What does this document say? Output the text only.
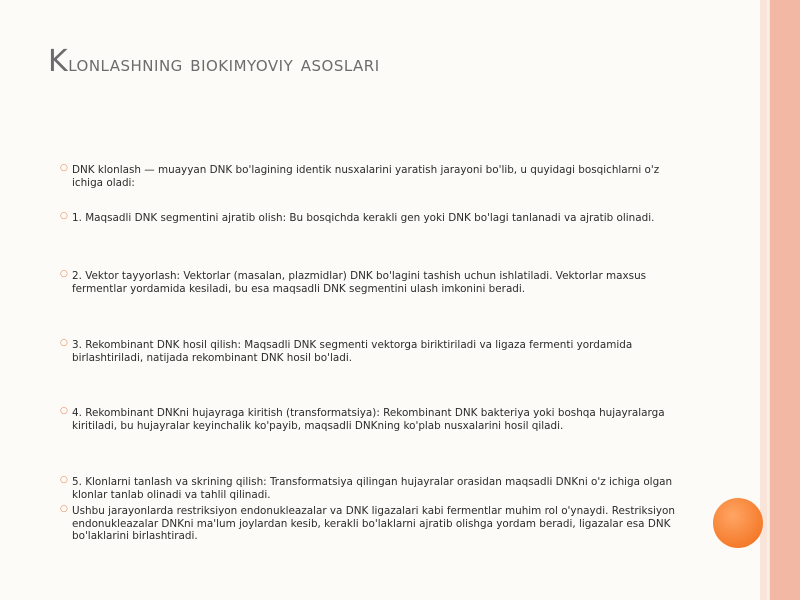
Klonlashning biokimyoviy asoslari
○ DNK klonlash — muayyan DNK bo'lagining identik nusxalarini yaratish jarayoni bo'lib, u quyidagi bosqichlarni o'z ichiga oladi:
○ 1. Maqsadli DNK segmentini ajratib olish: Bu bosqichda kerakli gen yoki DNK bo'lagi tanlanadi va ajratib olinadi.
○ 2. Vektor tayyorlash: Vektorlar (masalan, plazmidlar) DNK bo'lagini tashish uchun ishlatiladi. Vektorlar maxsus fermentlar yordamida kesiladi, bu esa maqsadli DNK segmentini ulash imkonini beradi.
○ 3. Rekombinant DNK hosil qilish: Maqsadli DNK segmenti vektorga biriktiriladi va ligaza fermenti yordamida birlashtiriladi, natijada rekombinant DNK hosil bo'ladi.
○ 4. Rekombinant DNKni hujayraga kiritish (transformatsiya): Rekombinant DNK bakteriya yoki boshqa hujayralarga kiritiladi, bu hujayralar keyinchalik ko'payib, maqsadli DNKning ko'plab nusxalarini hosil qiladi.
○ 5. Klonlarni tanlash va skrining qilish: Transformatsiya qilingan hujayralar orasidan maqsadli DNKni o'z ichiga olgan klonlar tanlab olinadi va tahlil qilinadi.
○ Ushbu jarayonlarda restriksiyon endonukleazalar va DNK ligazalari kabi fermentlar muhim rol o'ynaydi. Restriksiyon endonukleazalar DNKni ma'lum joylardan kesib, kerakli bo'laklarni ajratib olishga yordam beradi, ligazalar esa DNK bo'laklarini birlashtiradi.
